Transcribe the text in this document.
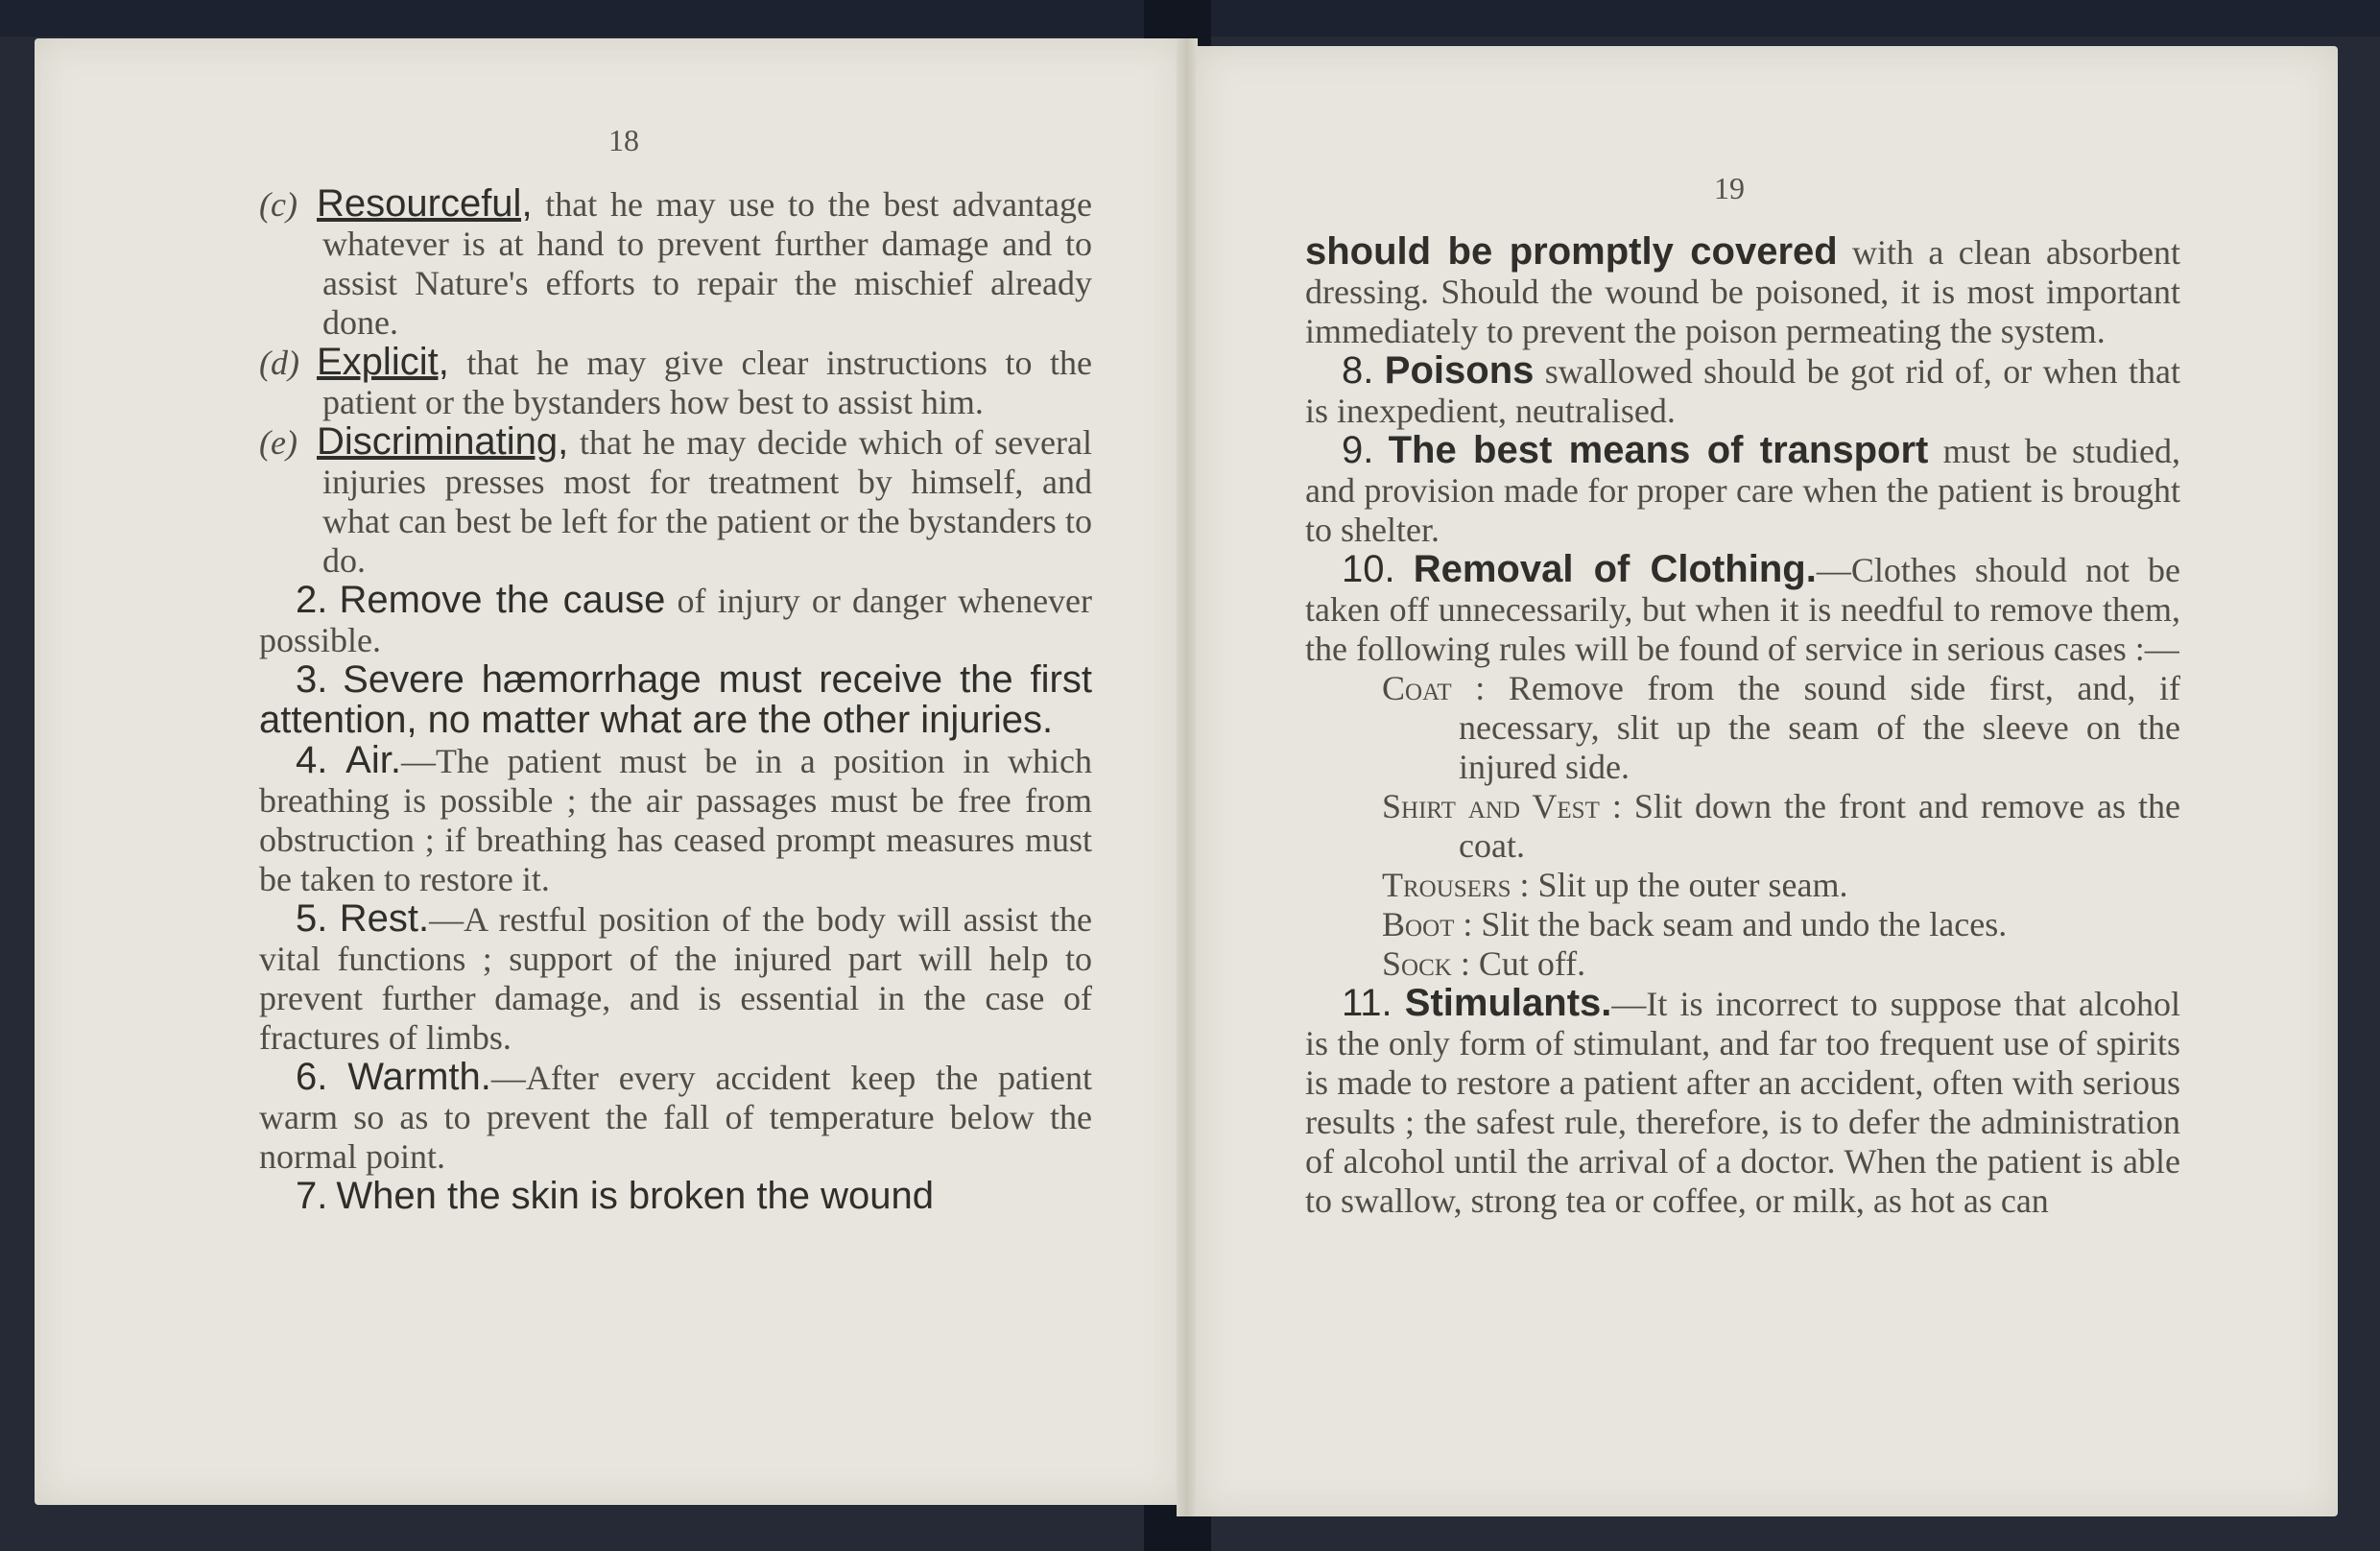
18

(c) Resourceful, that he may use to the best advantage whatever is at hand to prevent further damage and to assist Nature's efforts to repair the mischief already done.

(d) Explicit, that he may give clear instructions to the patient or the bystanders how best to assist him.

(e) Discriminating, that he may decide which of several injuries presses most for treatment by himself, and what can best be left for the patient or the bystanders to do.

2. Remove the cause of injury or danger whenever possible.

3. Severe hæmorrhage must receive the first attention, no matter what are the other injuries.

4. Air.—The patient must be in a position in which breathing is possible ; the air passages must be free from obstruction ; if breathing has ceased prompt measures must be taken to restore it.

5. Rest.—A restful position of the body will assist the vital functions ; support of the injured part will help to prevent further damage, and is essential in the case of fractures of limbs.

6. Warmth.—After every accident keep the patient warm so as to prevent the fall of temperature below the normal point.

7. When the skin is broken the wound

19

should be promptly covered with a clean absorbent dressing. Should the wound be poisoned, it is most important immediately to prevent the poison permeating the system.

8. Poisons swallowed should be got rid of, or when that is inexpedient, neutralised.

9. The best means of transport must be studied, and provision made for proper care when the patient is brought to shelter.

10. Removal of Clothing.—Clothes should not be taken off unnecessarily, but when it is needful to remove them, the following rules will be found of service in serious cases :—

Coat : Remove from the sound side first, and, if necessary, slit up the seam of the sleeve on the injured side.

Shirt and Vest : Slit down the front and remove as the coat.

Trousers : Slit up the outer seam.

Boot : Slit the back seam and undo the laces.

Sock : Cut off.

11. Stimulants.—It is incorrect to suppose that alcohol is the only form of stimulant, and far too frequent use of spirits is made to restore a patient after an accident, often with serious results ; the safest rule, therefore, is to defer the administration of alcohol until the arrival of a doctor. When the patient is able to swallow, strong tea or coffee, or milk, as hot as can
